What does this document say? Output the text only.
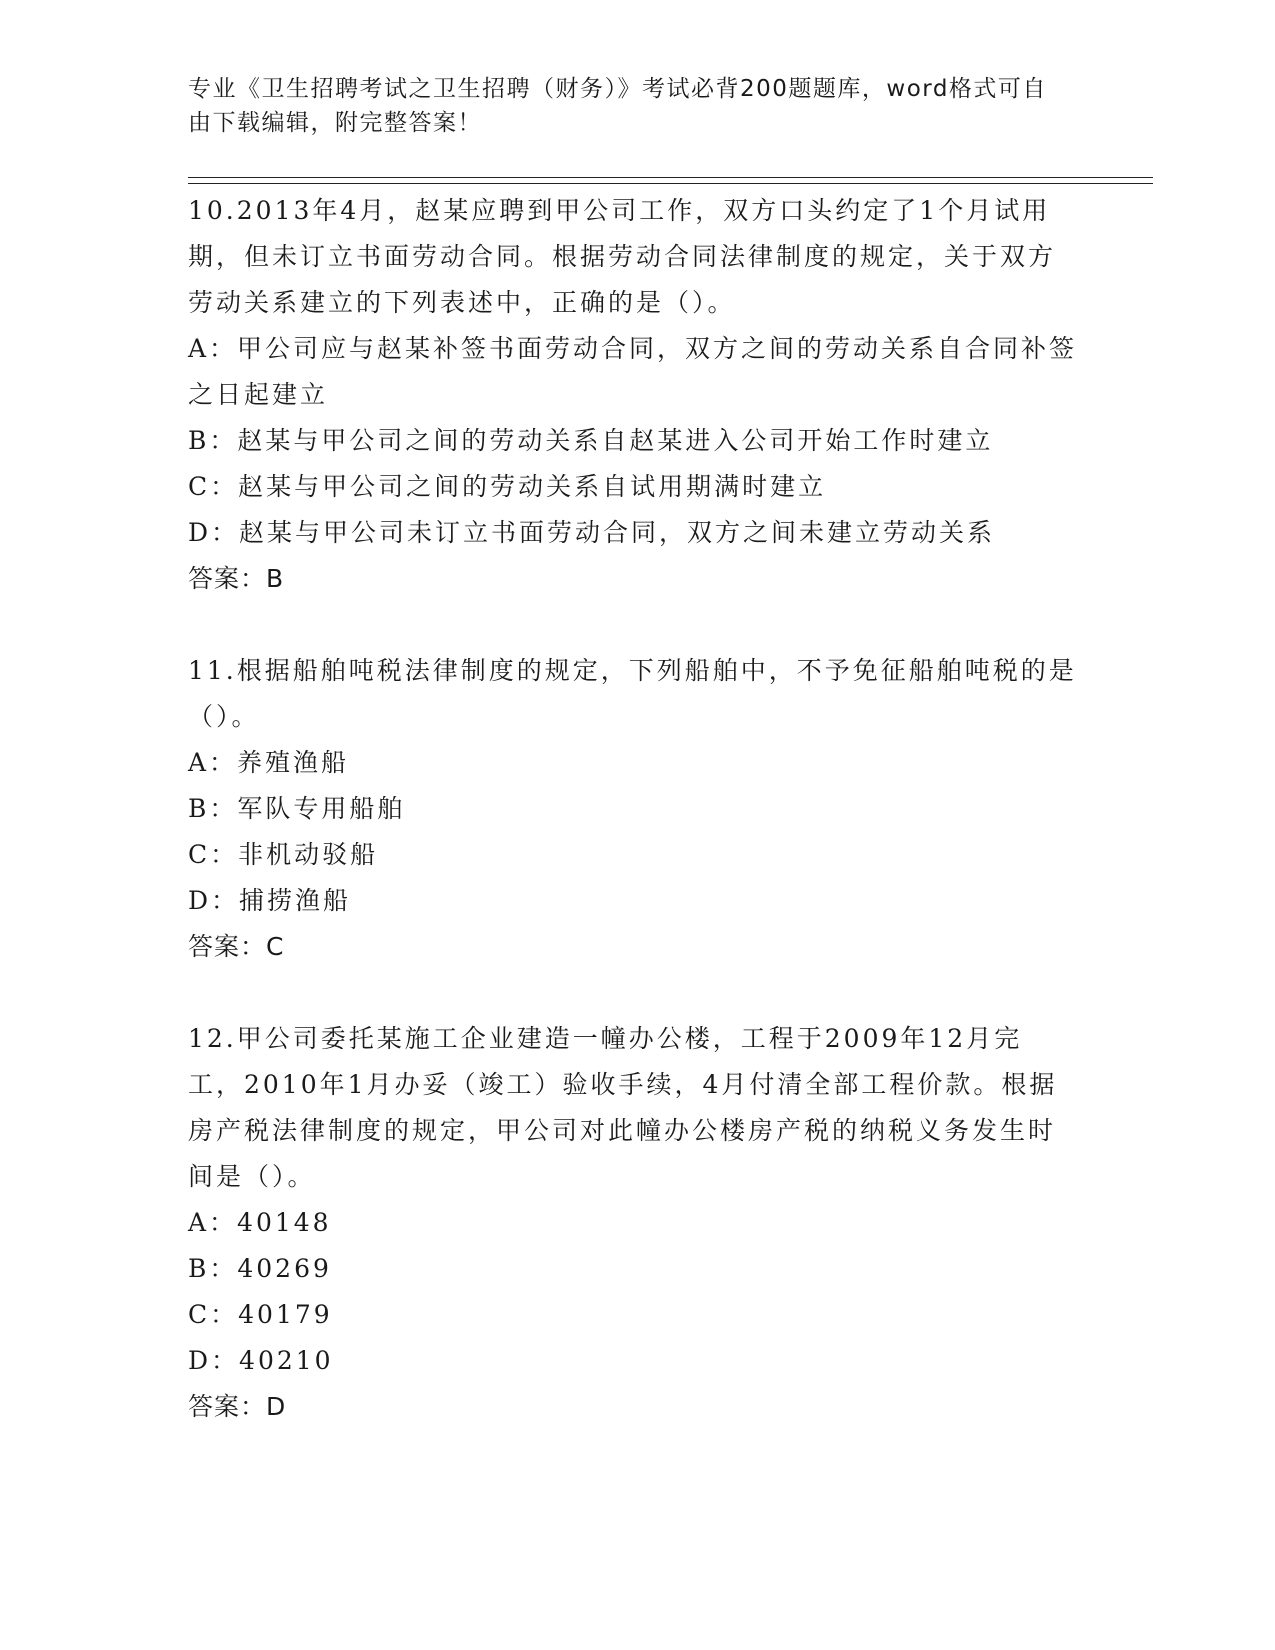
专业《卫生招聘考试之卫生招聘（财务）》考试必背200题题库，word格式可自由下载编辑，附完整答案！
10.2013年4月，赵某应聘到甲公司工作，双方口头约定了1个月试用期，但未订立书面劳动合同。根据劳动合同法律制度的规定，关于双方劳动关系建立的下列表述中，正确的是（）。
A：甲公司应与赵某补签书面劳动合同，双方之间的劳动关系自合同补签之日起建立
B：赵某与甲公司之间的劳动关系自赵某进入公司开始工作时建立
C：赵某与甲公司之间的劳动关系自试用期满时建立
D：赵某与甲公司未订立书面劳动合同，双方之间未建立劳动关系
答案：B
11.根据船舶吨税法律制度的规定，下列船舶中，不予免征船舶吨税的是（）。
A：养殖渔船
B：军队专用船舶
C：非机动驳船
D：捕捞渔船
答案：C
12.甲公司委托某施工企业建造一幢办公楼，工程于2009年12月完工，2010年1月办妥（竣工）验收手续，4月付清全部工程价款。根据房产税法律制度的规定，甲公司对此幢办公楼房产税的纳税义务发生时间是（）。
A：40148
B：40269
C：40179
D：40210
答案：D
